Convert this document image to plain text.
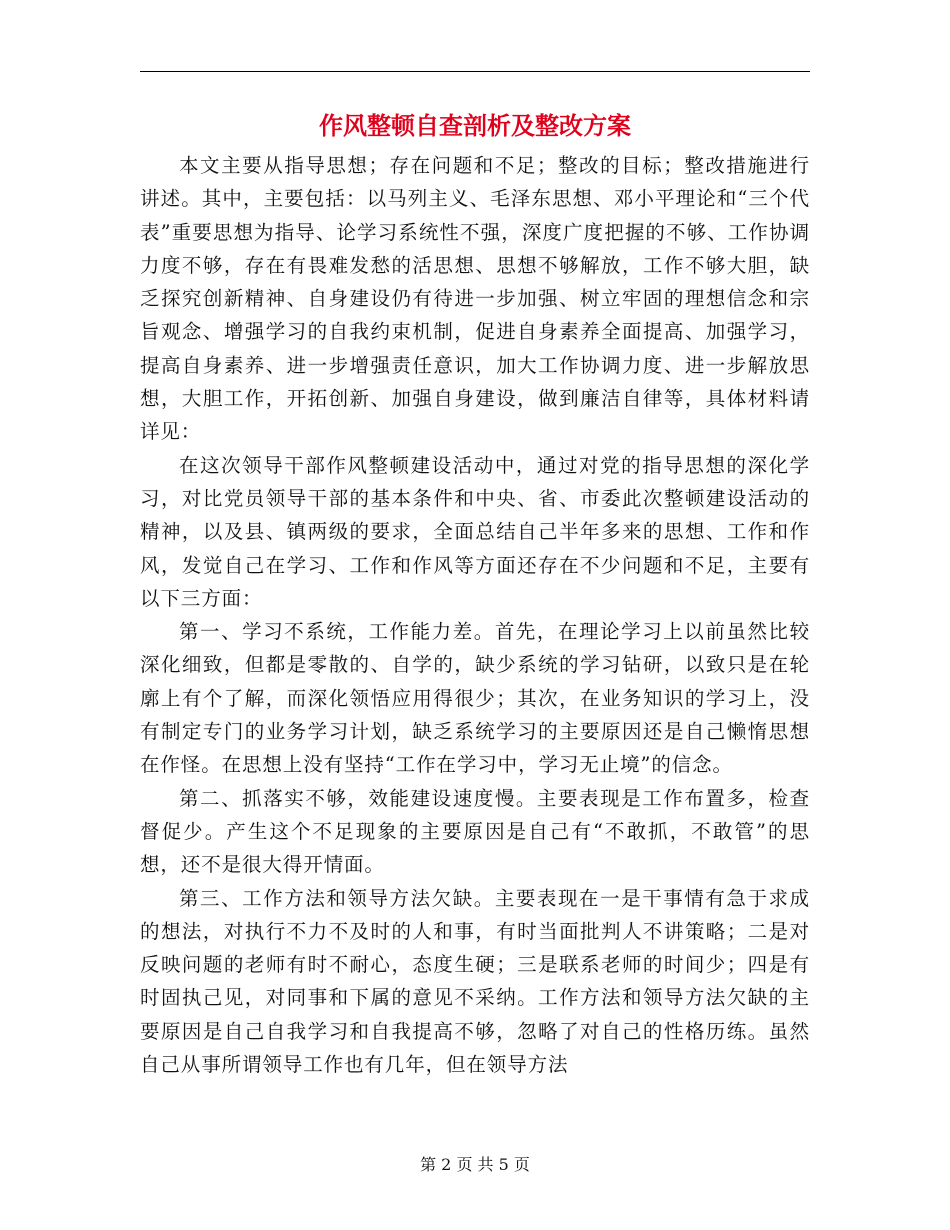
作风整顿自查剖析及整改方案

本文主要从指导思想；存在问题和不足；整改的目标；整改措施进行讲述。其中，主要包括：以马列主义、毛泽东思想、邓小平理论和“三个代表”重要思想为指导、论学习系统性不强，深度广度把握的不够、工作协调力度不够，存在有畏难发愁的活思想、思想不够解放，工作不够大胆，缺乏探究创新精神、自身建设仍有待进一步加强、树立牢固的理想信念和宗旨观念、增强学习的自我约束机制，促进自身素养全面提高、加强学习，提高自身素养、进一步增强责任意识，加大工作协调力度、进一步解放思想，大胆工作，开拓创新、加强自身建设，做到廉洁自律等，具体材料请详见：

在这次领导干部作风整顿建设活动中，通过对党的指导思想的深化学习，对比党员领导干部的基本条件和中央、省、市委此次整顿建设活动的精神，以及县、镇两级的要求，全面总结自己半年多来的思想、工作和作风，发觉自己在学习、工作和作风等方面还存在不少问题和不足，主要有以下三方面：

第一、学习不系统，工作能力差。首先，在理论学习上以前虽然比较深化细致，但都是零散的、自学的，缺少系统的学习钻研，以致只是在轮廓上有个了解，而深化领悟应用得很少；其次，在业务知识的学习上，没有制定专门的业务学习计划，缺乏系统学习的主要原因还是自己懒惰思想在作怪。在思想上没有坚持“工作在学习中，学习无止境”的信念。

第二、抓落实不够，效能建设速度慢。主要表现是工作布置多，检查督促少。产生这个不足现象的主要原因是自己有“不敢抓，不敢管”的思想，还不是很大得开情面。

第三、工作方法和领导方法欠缺。主要表现在一是干事情有急于求成的想法，对执行不力不及时的人和事，有时当面批判人不讲策略；二是对反映问题的老师有时不耐心，态度生硬；三是联系老师的时间少；四是有时固执己见，对同事和下属的意见不采纳。工作方法和领导方法欠缺的主要原因是自己自我学习和自我提高不够，忽略了对自己的性格历练。虽然自己从事所谓领导工作也有几年，但在领导方法

第 2 页 共 5 页
